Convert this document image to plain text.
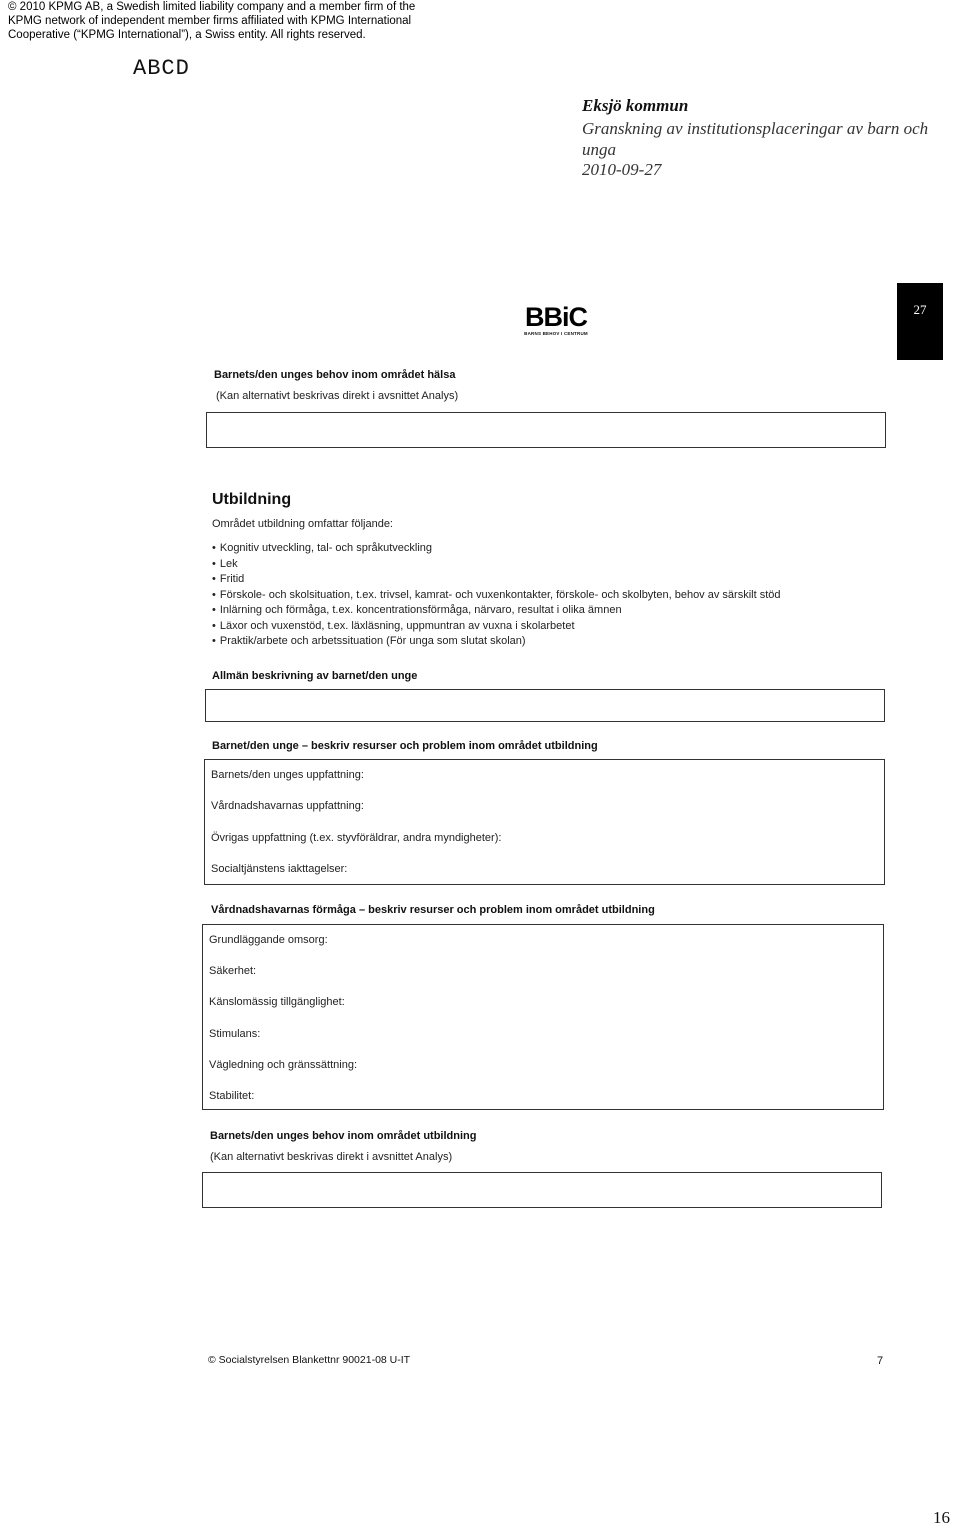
© 2010 KPMG AB, a Swedish limited liability company and a member firm of the
KPMG network of independent member firms affiliated with KPMG International
Cooperative (“KPMG International”), a Swiss entity. All rights reserved.
ABCD
Eksjö kommun
Granskning av institutionsplaceringar av barn och unga
2010-09-27
27
BBiC
BARNS BEHOV I CENTRUM
Barnets/den unges behov inom området hälsa
(Kan alternativt beskrivas direkt i avsnittet Analys)
Utbildning
Området utbildning omfattar följande:
• Kognitiv utveckling, tal- och språkutveckling
• Lek
• Fritid
• Förskole- och skolsituation, t.ex. trivsel, kamrat- och vuxenkontakter, förskole- och skolbyten, behov av särskilt stöd
• Inlärning och förmåga, t.ex. koncentrationsförmåga, närvaro, resultat i olika ämnen
• Läxor och vuxenstöd, t.ex. läxläsning, uppmuntran av vuxna i skolarbetet
• Praktik/arbete och arbetssituation (För unga som slutat skolan)
Allmän beskrivning av barnet/den unge
Barnet/den unge – beskriv resurser och problem inom området utbildning
Barnets/den unges uppfattning:
Vårdnadshavarnas uppfattning:
Övrigas uppfattning (t.ex. styvföräldrar, andra myndigheter):
Socialtjänstens iakttagelser:
Vårdnadshavarnas förmåga – beskriv resurser och problem inom området utbildning
Grundläggande omsorg:
Säkerhet:
Känslomässig tillgänglighet:
Stimulans:
Vägledning och gränssättning:
Stabilitet:
Barnets/den unges behov inom området utbildning
(Kan alternativt beskrivas direkt i avsnittet Analys)
© Socialstyrelsen Blankettnr 90021-08 U-IT	7
16
